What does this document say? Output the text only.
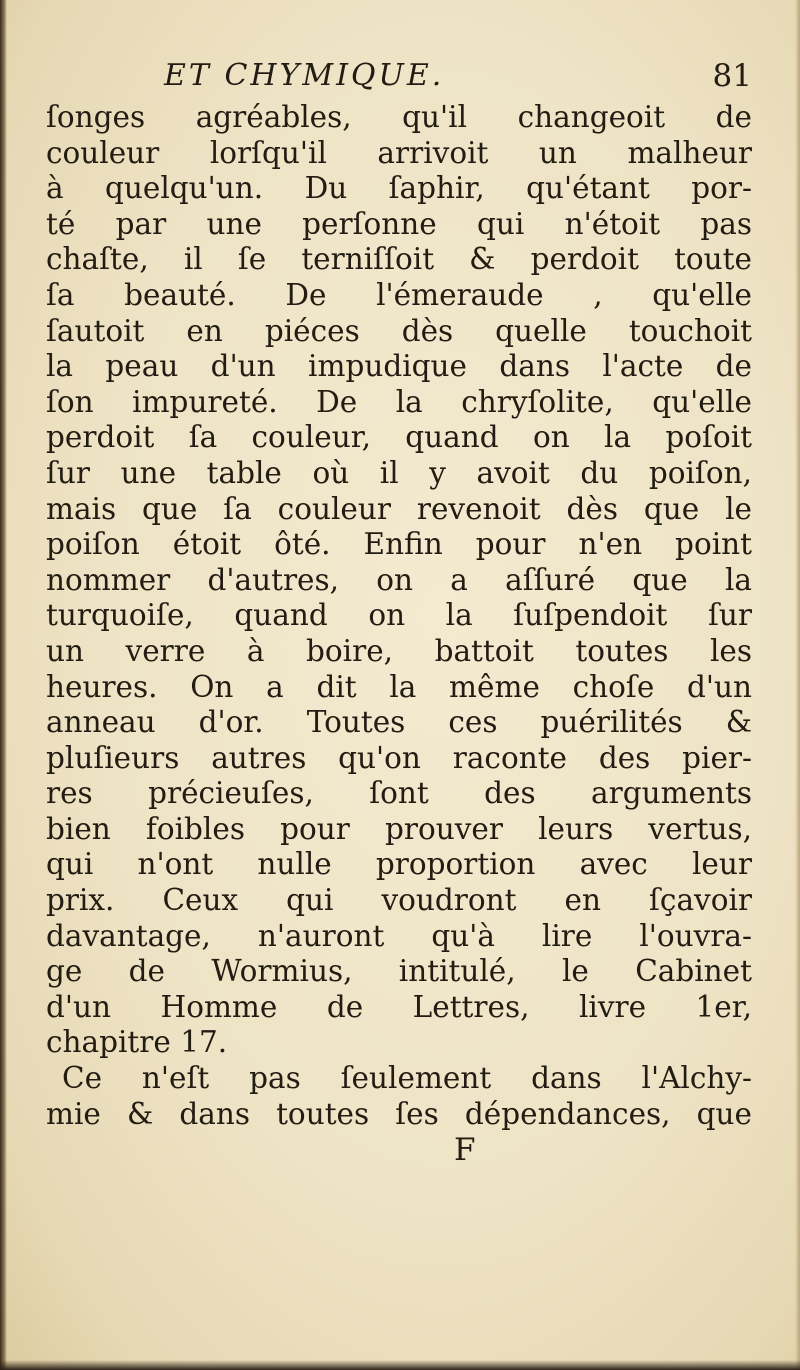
ET CHYMIQUE.	81
ſonges agréables, qu'il changeoit de
couleur lorſqu'il arrivoit un malheur
à quelqu'un. Du ſaphir, qu'étant por-
té par une perſonne qui n'étoit pas
chaſte, il ſe terniſſoit & perdoit toute
ſa beauté. De l'émeraude , qu'elle
ſautoit en piéces dès quelle touchoit
la peau d'un impudique dans l'acte de
ſon impureté. De la chryſolite, qu'elle
perdoit ſa couleur, quand on la poſoit
ſur une table où il y avoit du poiſon,
mais que ſa couleur revenoit dès que le
poiſon étoit ôté. Enfin pour n'en point
nommer d'autres, on a aſſuré que la
turquoiſe, quand on la ſuſpendoit ſur
un verre à boire, battoit toutes les
heures. On a dit la même choſe d'un
anneau d'or. Toutes ces puérilités &
pluſieurs autres qu'on raconte des pier-
res précieuſes, ſont des arguments
bien foibles pour prouver leurs vertus,
qui n'ont nulle proportion avec leur
prix. Ceux qui voudront en ſçavoir
davantage, n'auront qu'à lire l'ouvra-
ge de Wormius, intitulé, le Cabinet
d'un Homme de Lettres, livre 1er,
chapitre 17.
Ce n'eſt pas ſeulement dans l'Alchy-
mie & dans toutes ſes dépendances, que
F
